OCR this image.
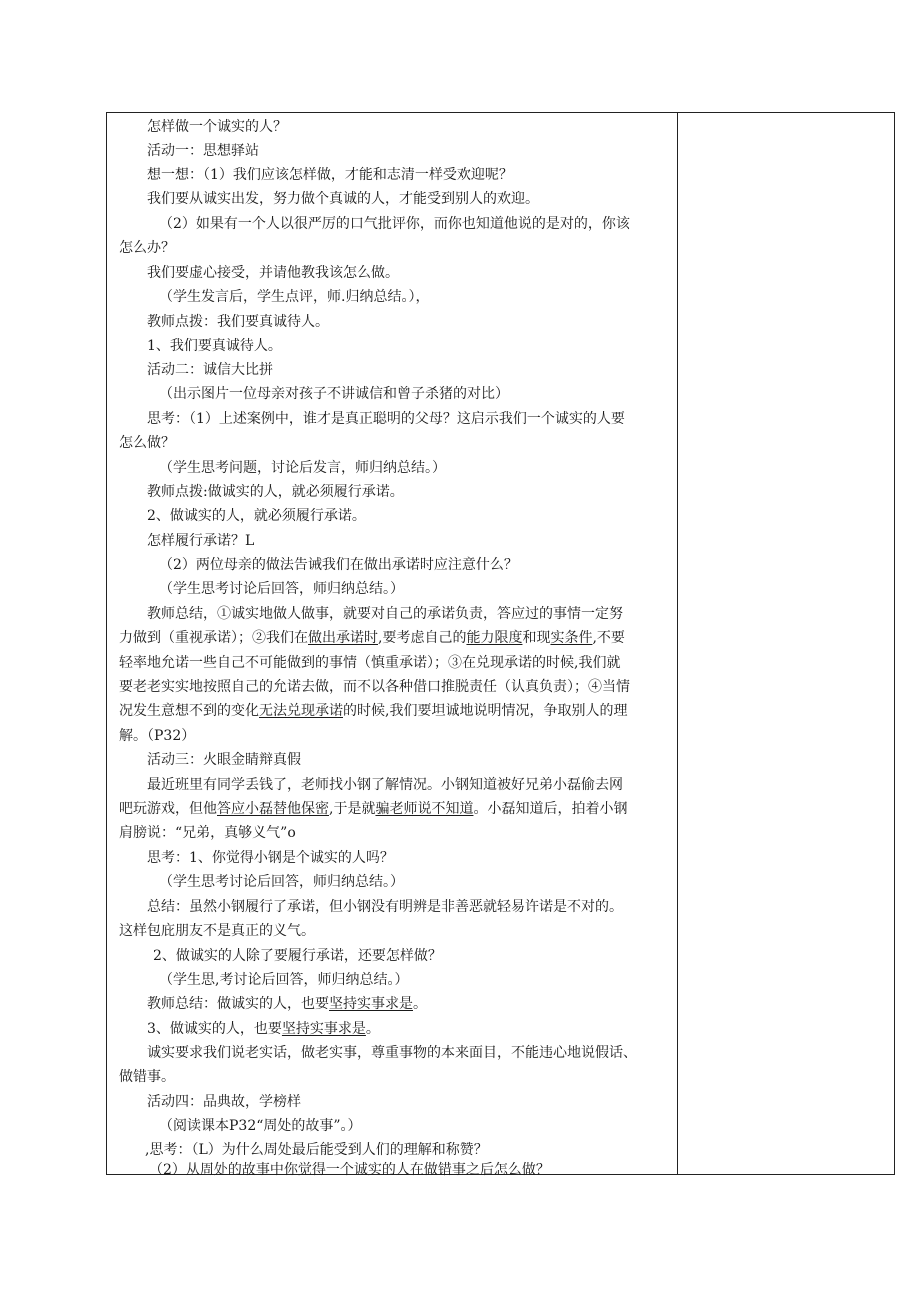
怎样做一个诚实的人？
活动一：思想驿站
想一想：（1）我们应该怎样做，才能和志清一样受欢迎呢？
我们要从诚实出发，努力做个真诚的人，才能受到别人的欢迎。
（2）如果有一个人以很严厉的口气批评你，而你也知道他说的是对的，你该
怎么办？
我们要虚心接受，并请他教我该怎么做。
（学生发言后，学生点评，师.归纳总结。），
教师点拨：我们要真诚待人。
1、我们要真诚待人。
活动二：诚信大比拼
（出示图片一位母亲对孩子不讲诚信和曾子杀猪的对比）
思考：（1）上述案例中，谁才是真正聪明的父母？这启示我们一个诚实的人要
怎么做？
（学生思考问题，讨论后发言，师归纳总结。）
教师点拨:做诚实的人，就必须履行承诺。
2、做诚实的人，就必须履行承诺。
怎样履行承诺？L
（2）两位母亲的做法告诫我们在做出承诺时应注意什么？
（学生思考讨论后回答，师归纳总结。）
教师总结，①诚实地做人做事，就要对自己的承诺负责，答应过的事情一定努
力做到（重视承诺）；②我们在做出承诺时,要考虑自己的能力限度和现实条件,不要
轻率地允诺一些自己不可能做到的事情（慎重承诺）；③在兑现承诺的时候,我们就
要老老实实地按照自己的允诺去做，而不以各种借口推脱责任（认真负责）；④当情
况发生意想不到的变化无法兑现承诺的时候,我们要坦诚地说明情况，争取别人的理
解。（P32）
活动三：火眼金睛辩真假
最近班里有同学丢钱了，老师找小钢了解情况。小钢知道被好兄弟小磊偷去网
吧玩游戏，但他答应小磊替他保密,于是就骗老师说不知道。小磊知道后，拍着小钢
肩膀说：“兄弟，真够义气”o
思考：1、你觉得小钢是个诚实的人吗？
（学生思考讨论后回答，师归纳总结。）
总结：虽然小钢履行了承诺，但小钢没有明辨是非善恶就轻易许诺是不对的。
这样包庇朋友不是真正的义气。
2、做诚实的人除了要履行承诺，还要怎样做？
（学生思,考讨论后回答，师归纳总结。）
教师总结：做诚实的人，也要坚持实事求是。
3、做诚实的人，也要坚持实事求是。
诚实要求我们说老实话，做老实事，尊重事物的本来面目，不能违心地说假话、
做错事。
活动四：品典故，学榜样
（阅读课本P32“周处的故事”。）
,思考：（L）为什么周处最后能受到人们的理解和称赞？
（2）从周处的故事中你觉得一个诚实的人在做错事之后怎么做？
